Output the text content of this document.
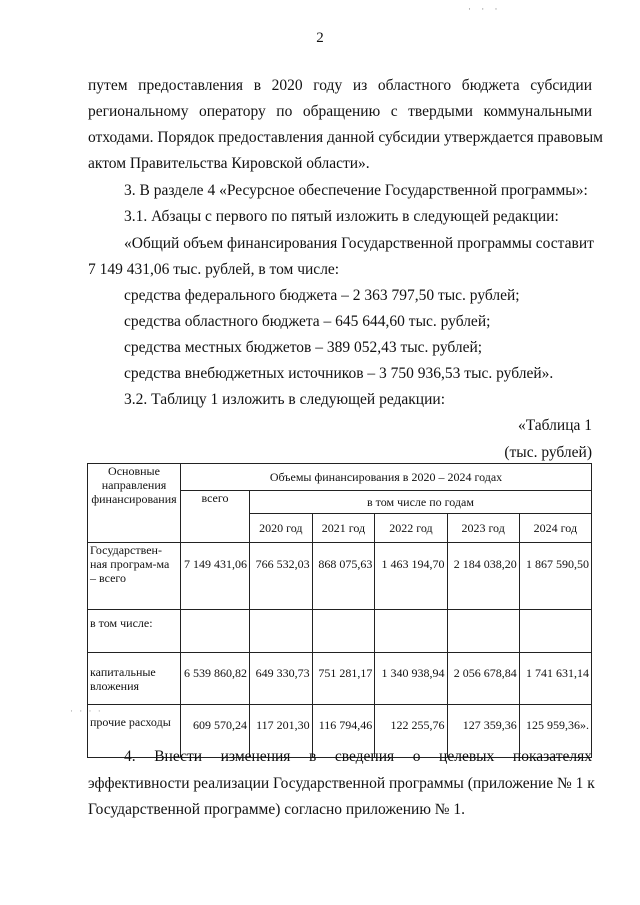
· · ·
2
путем предоставления в 2020 году из областного бюджета субсидии
региональному оператору по обращению с твердыми коммунальными
отходами. Порядок предоставления данной субсидии утверждается правовым
актом Правительства Кировской области».
3. В разделе 4 «Ресурсное обеспечение Государственной программы»:
3.1. Абзацы с первого по пятый изложить в следующей редакции:
«Общий объем финансирования Государственной программы составит
7 149 431,06 тыс. рублей, в том числе:
средства федерального бюджета – 2 363 797,50 тыс. рублей;
средства областного бюджета – 645 644,60 тыс. рублей;
средства местных бюджетов – 389 052,43 тыс. рублей;
средства внебюджетных источников – 3 750 936,53 тыс. рублей».
3.2. Таблицу 1 изложить в следующей редакции:
«Таблица 1
(тыс. рублей)
Основные направления финансирования	Объемы финансирования в 2020 – 2024 годах					
	всего	в том числе по годам				
		2020 год	2021 год	2022 год	2023 год	2024 год
Государствен-ная програм-ма – всего	7 149 431,06	766 532,03	868 075,63	1 463 194,70	2 184 038,20	1 867 590,50
в том числе:						
капитальные вложения	6 539 860,82	649 330,73	751 281,17	1 340 938,94	2 056 678,84	1 741 631,14
прочие расходы	609 570,24	117 201,30	116 794,46	122 255,76	127 359,36	125 959,36».
· · · ·
4. Внести изменения в сведения о целевых показателях
эффективности реализации Государственной программы (приложение № 1 к
Государственной программе) согласно приложению № 1.
